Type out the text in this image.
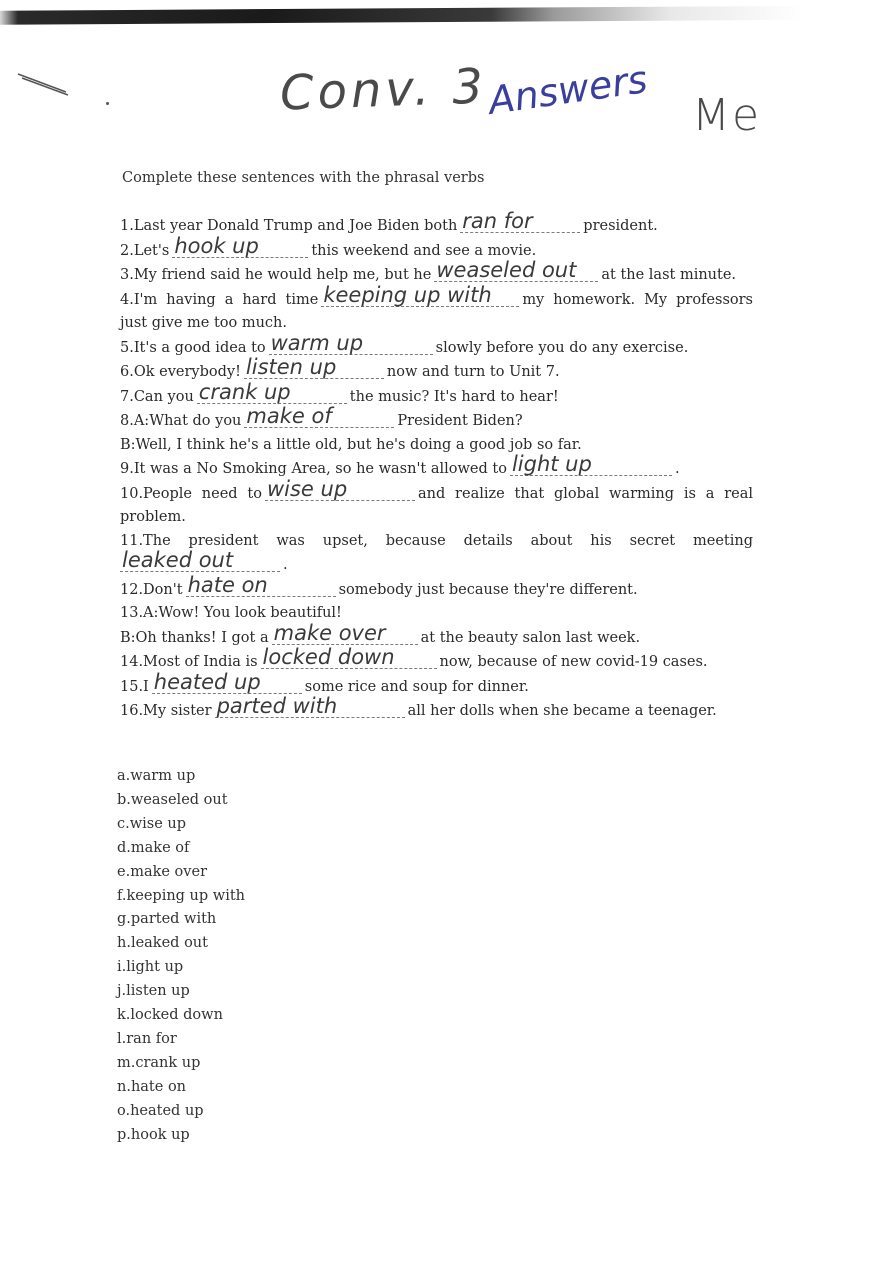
Conv. 3
Answers Me
Complete these sentences with the phrasal verbs

1.Last year Donald Trump and Joe Biden both ran for	president.

2.Let's hook up	this weekend and see a movie.

3.My friend said he would help me, but he weaseled out at the last minute.

4.I'm having a hard time keeping up with my homework. My professors just give me too much.

5.It's a good idea to warm up	slowly before you do any exercise.

6.Ok everybody! listen up	now and turn to Unit 7.

7.Can you crank up	the music? It's hard to hear!

8.A:What do you make of	President Biden?

B:Well, I think he's a little old, but he's doing a good job so far.

9.It was a No Smoking Area, so he wasn't allowed to light up	.

10.People need to wise up	and realize that global warming is a real problem.

11.The president was upset, because details about his secret meeting

leaked out	.

12.Don't hate on	somebody just because they're different.

13.A:Wow! You look beautiful!

B:Oh thanks! I got a make over at the beauty salon last week.

14.Most of India is locked down	now, because of new covid-19 cases.

15.I heated up	some rice and soup for dinner.

16.My sister parted with	all her dolls when she became a teenager.

a.warm up
b.weaseled out
c.wise up
d.make of
e.make over
f.keeping up with
g.parted with
h.leaked out
i.light up
j.listen up
k.locked down
l.ran for
m.crank up
n.hate on
o.heated up
p.hook up
